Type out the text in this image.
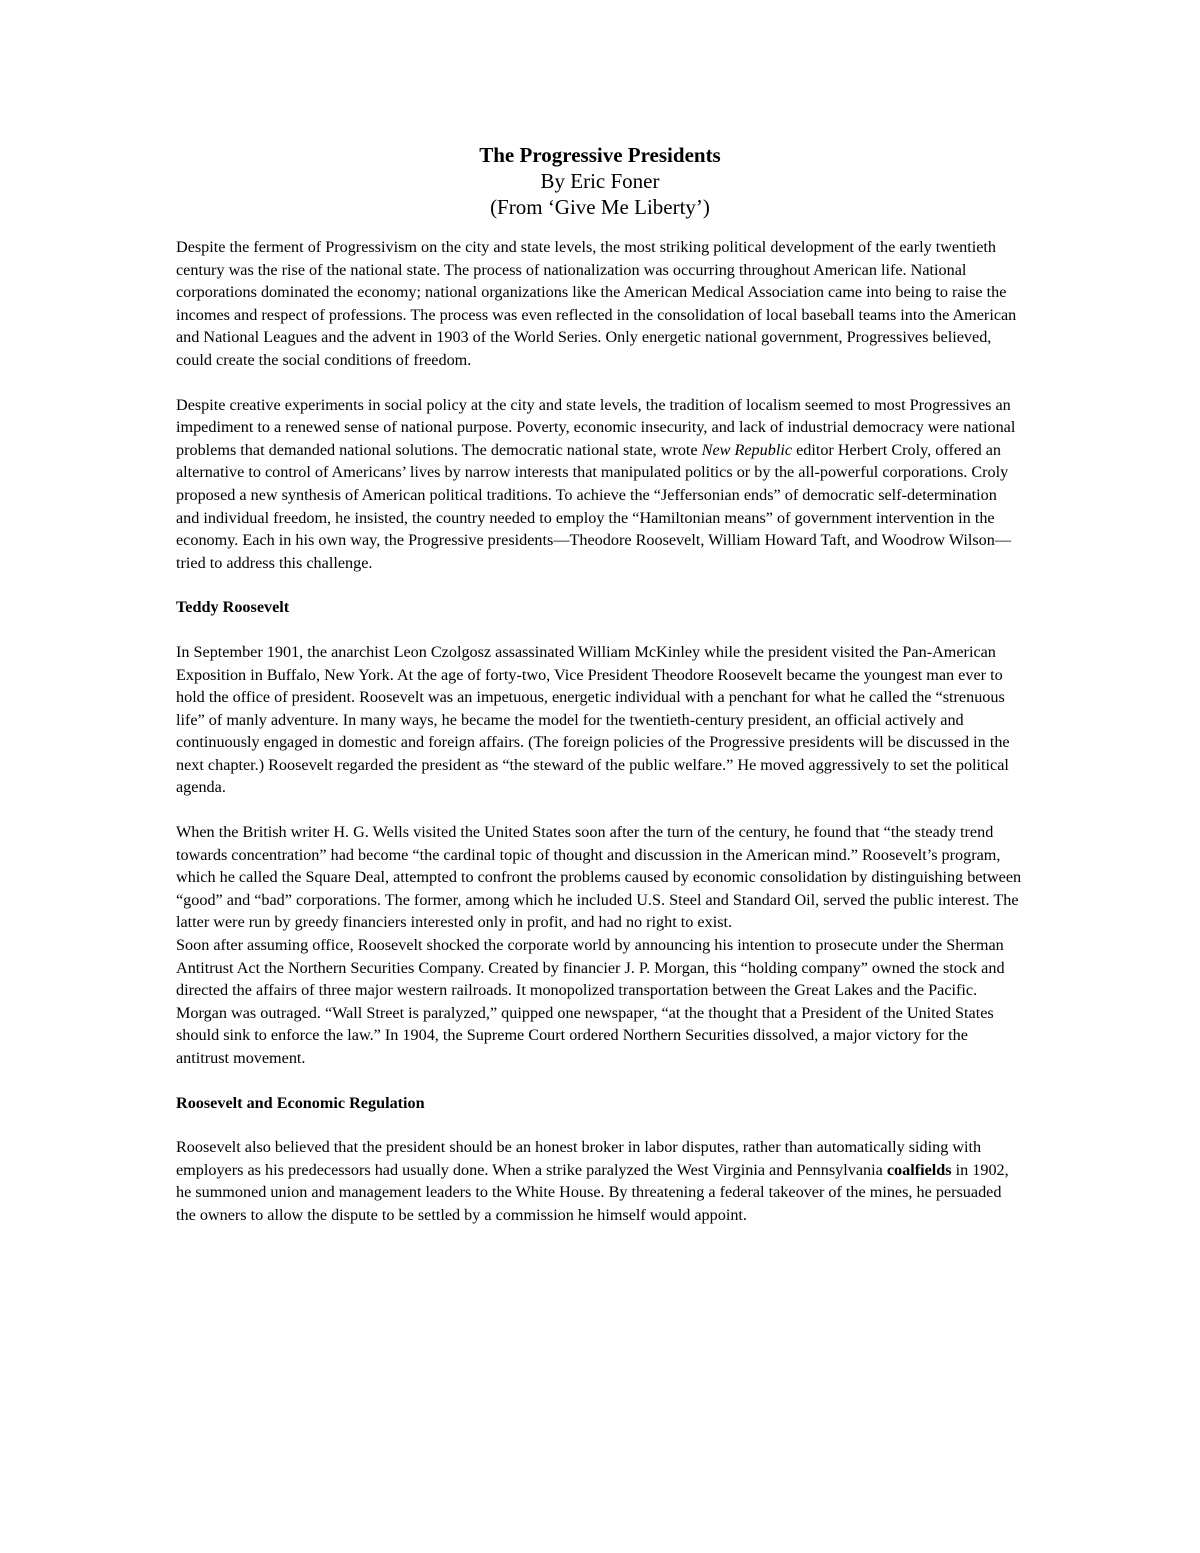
The Progressive Presidents
By Eric Foner
(From ‘Give Me Liberty’)

Despite the ferment of Progressivism on the city and state levels, the most striking political development of the early twentieth century was the rise of the national state. The process of nationalization was occurring throughout American life. National corporations dominated the economy; national organizations like the American Medical Association came into being to raise the incomes and respect of professions. The process was even reflected in the consolidation of local baseball teams into the American and National Leagues and the advent in 1903 of the World Series. Only energetic national government, Progressives believed, could create the social conditions of freedom.

Despite creative experiments in social policy at the city and state levels, the tradition of localism seemed to most Progressives an impediment to a renewed sense of national purpose. Poverty, economic insecurity, and lack of industrial democracy were national problems that demanded national solutions. The democratic national state, wrote New Republic editor Herbert Croly, offered an alternative to control of Americans’ lives by narrow interests that manipulated politics or by the all-powerful corporations. Croly proposed a new synthesis of American political traditions. To achieve the “Jeffersonian ends” of democratic self-determination and individual freedom, he insisted, the country needed to employ the “Hamiltonian means” of government intervention in the economy. Each in his own way, the Progressive presidents—Theodore Roosevelt, William Howard Taft, and Woodrow Wilson—tried to address this challenge.

Teddy Roosevelt

In September 1901, the anarchist Leon Czolgosz assassinated William McKinley while the president visited the Pan-American Exposition in Buffalo, New York. At the age of forty-two, Vice President Theodore Roosevelt became the youngest man ever to hold the office of president. Roosevelt was an impetuous, energetic individual with a penchant for what he called the “strenuous life” of manly adventure. In many ways, he became the model for the twentieth-century president, an official actively and continuously engaged in domestic and foreign affairs. (The foreign policies of the Progressive presidents will be discussed in the next chapter.) Roosevelt regarded the president as “the steward of the public welfare.” He moved aggressively to set the political agenda.

When the British writer H. G. Wells visited the United States soon after the turn of the century, he found that “the steady trend towards concentration” had become “the cardinal topic of thought and discussion in the American mind.” Roosevelt’s program, which he called the Square Deal, attempted to confront the problems caused by economic consolidation by distinguishing between “good” and “bad” corporations. The former, among which he included U.S. Steel and Standard Oil, served the public interest. The latter were run by greedy financiers interested only in profit, and had no right to exist.

Soon after assuming office, Roosevelt shocked the corporate world by announcing his intention to prosecute under the Sherman Antitrust Act the Northern Securities Company. Created by financier J. P. Morgan, this “holding company” owned the stock and directed the affairs of three major western railroads. It monopolized transportation between the Great Lakes and the Pacific. Morgan was outraged. “Wall Street is paralyzed,” quipped one newspaper, “at the thought that a President of the United States should sink to enforce the law.” In 1904, the Supreme Court ordered Northern Securities dissolved, a major victory for the antitrust movement.

Roosevelt and Economic Regulation

Roosevelt also believed that the president should be an honest broker in labor disputes, rather than automatically siding with employers as his predecessors had usually done. When a strike paralyzed the West Virginia and Pennsylvania coalfields in 1902, he summoned union and management leaders to the White House. By threatening a federal takeover of the mines, he persuaded the owners to allow the dispute to be settled by a commission he himself would appoint.
